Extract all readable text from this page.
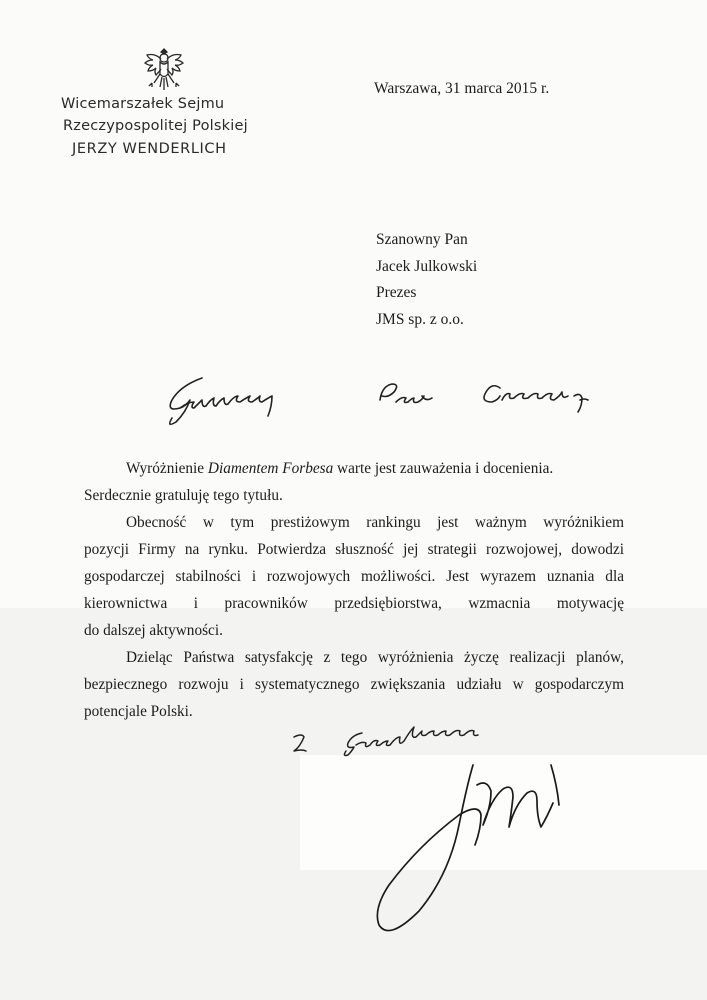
Wicemarszałek Sejmu
Rzeczypospolitej Polskiej
JERZY WENDERLICH
Warszawa, 31 marca 2015 r.
Szanowny Pan
Jacek Julkowski
Prezes
JMS sp. z o.o.

Wyróżnienie Diamentem Forbesa warte jest zauważenia i docenienia.

Serdecznie gratuluję tego tytułu.

Obecność w tym prestiżowym rankingu jest ważnym wyróżnikiem

pozycji Firmy na rynku. Potwierdza słuszność jej strategii rozwojowej, dowodzi

gospodarczej stabilności i rozwojowych możliwości. Jest wyrazem uznania dla

kierownictwa i pracowników przedsiębiorstwa, wzmacnia motywację

do dalszej aktywności.

Dzieląc Państwa satysfakcję z tego wyróżnienia życzę realizacji planów,

bezpiecznego rozwoju i systematycznego zwiększania udziału w gospodarczym

potencjale Polski.
